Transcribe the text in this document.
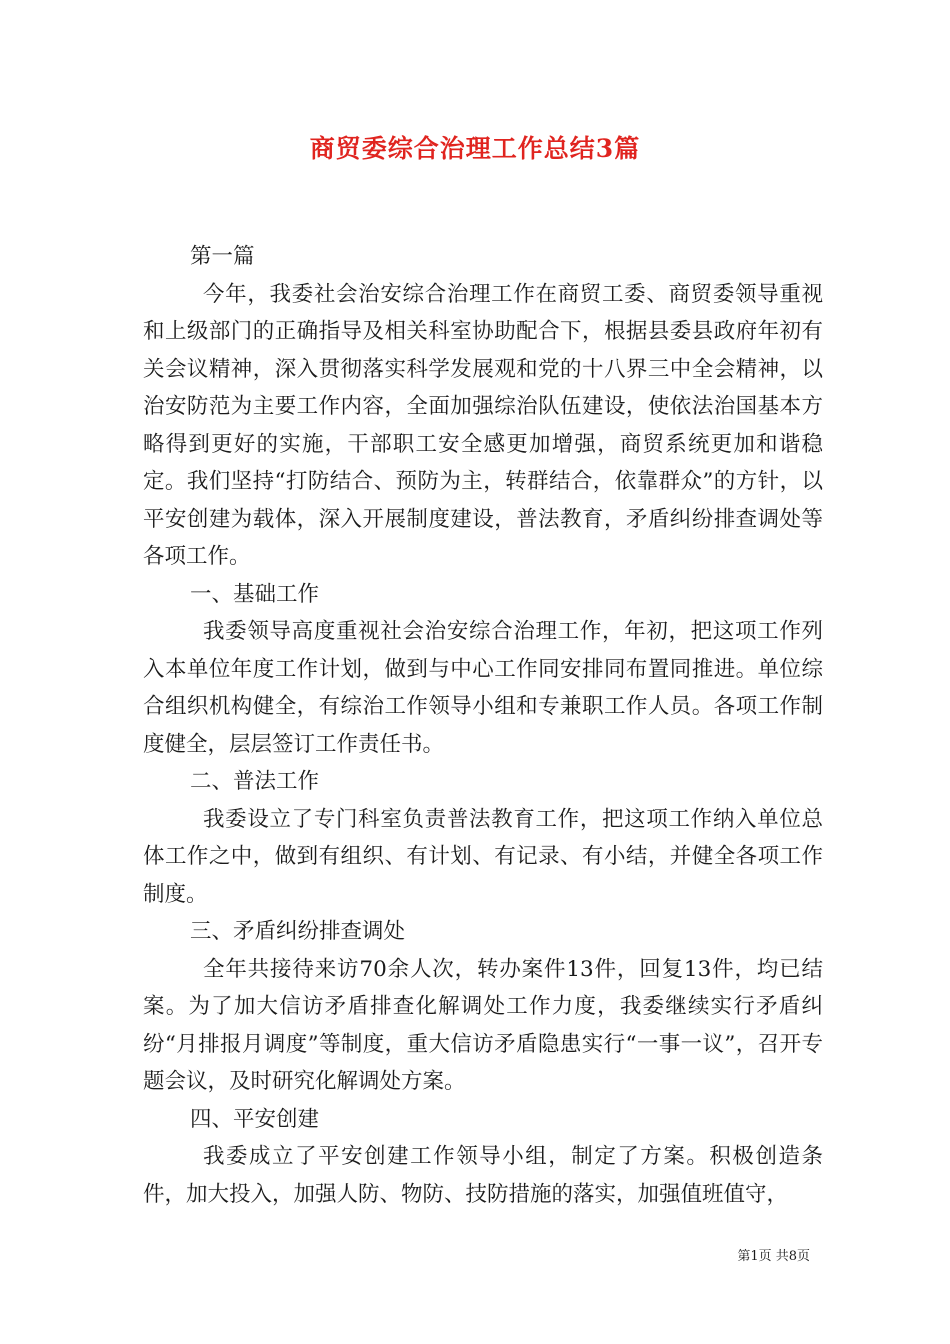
商贸委综合治理工作总结3篇

第一篇

今年，我委社会治安综合治理工作在商贸工委、商贸委领导重视和上级部门的正确指导及相关科室协助配合下，根据县委县政府年初有关会议精神，深入贯彻落实科学发展观和党的十八界三中全会精神，以治安防范为主要工作内容，全面加强综治队伍建设，使依法治国基本方略得到更好的实施，干部职工安全感更加增强，商贸系统更加和谐稳定。我们坚持“打防结合、预防为主，转群结合，依靠群众”的方针，以平安创建为载体，深入开展制度建设，普法教育，矛盾纠纷排查调处等各项工作。

一、基础工作

我委领导高度重视社会治安综合治理工作，年初，把这项工作列入本单位年度工作计划，做到与中心工作同安排同布置同推进。单位综合组织机构健全，有综治工作领导小组和专兼职工作人员。各项工作制度健全，层层签订工作责任书。

二、普法工作

我委设立了专门科室负责普法教育工作，把这项工作纳入单位总体工作之中，做到有组织、有计划、有记录、有小结，并健全各项工作制度。

三、矛盾纠纷排查调处

全年共接待来访70余人次，转办案件13件，回复13件，均已结案。为了加大信访矛盾排查化解调处工作力度，我委继续实行矛盾纠纷“月排报月调度”等制度，重大信访矛盾隐患实行“一事一议”，召开专题会议，及时研究化解调处方案。

四、平安创建

我委成立了平安创建工作领导小组，制定了方案。积极创造条件，加大投入，加强人防、物防、技防措施的落实，加强值班值守，

第1页 共8页
